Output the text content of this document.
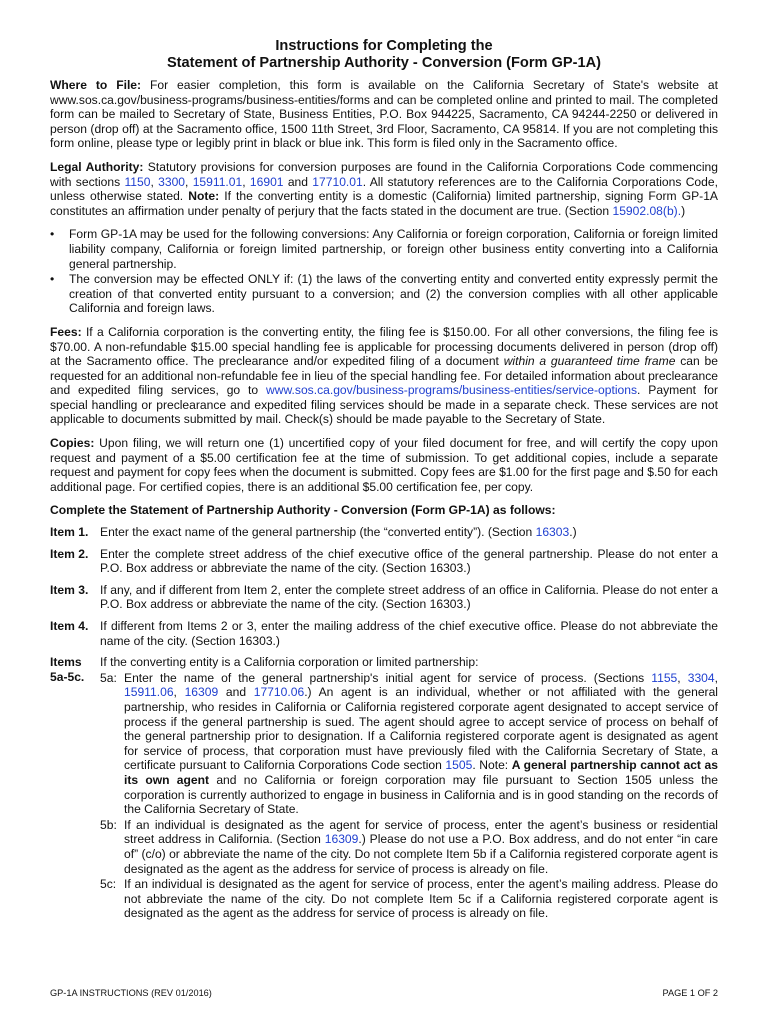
Instructions for Completing the
Statement of Partnership Authority - Conversion (Form GP-1A)

Where to File: For easier completion, this form is available on the California Secretary of State's website at www.sos.ca.gov/business-programs/business-entities/forms and can be completed online and printed to mail. The completed form can be mailed to Secretary of State, Business Entities, P.O. Box 944225, Sacramento, CA 94244-2250 or delivered in person (drop off) at the Sacramento office, 1500 11th Street, 3rd Floor, Sacramento, CA 95814. If you are not completing this form online, please type or legibly print in black or blue ink. This form is filed only in the Sacramento office.

Legal Authority: Statutory provisions for conversion purposes are found in the California Corporations Code commencing with sections 1150, 3300, 15911.01, 16901 and 17710.01. All statutory references are to the California Corporations Code, unless otherwise stated. Note: If the converting entity is a domestic (California) limited partnership, signing Form GP-1A constitutes an affirmation under penalty of perjury that the facts stated in the document are true. (Section 15902.08(b).)

• Form GP-1A may be used for the following conversions: Any California or foreign corporation, California or foreign limited liability company, California or foreign limited partnership, or foreign other business entity converting into a California general partnership.
• The conversion may be effected ONLY if: (1) the laws of the converting entity and converted entity expressly permit the creation of that converted entity pursuant to a conversion; and (2) the conversion complies with all other applicable California and foreign laws.

Fees: If a California corporation is the converting entity, the filing fee is $150.00. For all other conversions, the filing fee is $70.00. A non-refundable $15.00 special handling fee is applicable for processing documents delivered in person (drop off) at the Sacramento office. The preclearance and/or expedited filing of a document within a guaranteed time frame can be requested for an additional non-refundable fee in lieu of the special handling fee. For detailed information about preclearance and expedited filing services, go to www.sos.ca.gov/business-programs/business-entities/service-options. Payment for special handling or preclearance and expedited filing services should be made in a separate check. These services are not applicable to documents submitted by mail. Check(s) should be made payable to the Secretary of State.

Copies: Upon filing, we will return one (1) uncertified copy of your filed document for free, and will certify the copy upon request and payment of a $5.00 certification fee at the time of submission. To get additional copies, include a separate request and payment for copy fees when the document is submitted. Copy fees are $1.00 for the first page and $.50 for each additional page. For certified copies, there is an additional $5.00 certification fee, per copy.

Complete the Statement of Partnership Authority - Conversion (Form GP-1A) as follows:

Item 1. Enter the exact name of the general partnership (the “converted entity”). (Section 16303.)
Item 2. Enter the complete street address of the chief executive office of the general partnership. Please do not enter a P.O. Box address or abbreviate the name of the city. (Section 16303.)
Item 3. If any, and if different from Item 2, enter the complete street address of an office in California. Please do not enter a P.O. Box address or abbreviate the name of the city. (Section 16303.)
Item 4. If different from Items 2 or 3, enter the mailing address of the chief executive office. Please do not abbreviate the name of the city. (Section 16303.)
Items
5a-5c.
If the converting entity is a California corporation or limited partnership:
5a: Enter the name of the general partnership's initial agent for service of process. (Sections 1155, 3304, 15911.06, 16309 and 17710.06.) An agent is an individual, whether or not affiliated with the general partnership, who resides in California or California registered corporate agent designated to accept service of process if the general partnership is sued. The agent should agree to accept service of process on behalf of the general partnership prior to designation. If a California registered corporate agent is designated as agent for service of process, that corporation must have previously filed with the California Secretary of State, a certificate pursuant to California Corporations Code section 1505. Note: A general partnership cannot act as its own agent and no California or foreign corporation may file pursuant to Section 1505 unless the corporation is currently authorized to engage in business in California and is in good standing on the records of the California Secretary of State.
5b: If an individual is designated as the agent for service of process, enter the agent’s business or residential street address in California. (Section 16309.) Please do not use a P.O. Box address, and do not enter “in care of” (c/o) or abbreviate the name of the city. Do not complete Item 5b if a California registered corporate agent is designated as the agent as the address for service of process is already on file.
5c: If an individual is designated as the agent for service of process, enter the agent’s mailing address. Please do not abbreviate the name of the city. Do not complete Item 5c if a California registered corporate agent is designated as the agent as the address for service of process is already on file.
GP-1A INSTRUCTIONS (REV 01/2016)	PAGE 1 OF 2
